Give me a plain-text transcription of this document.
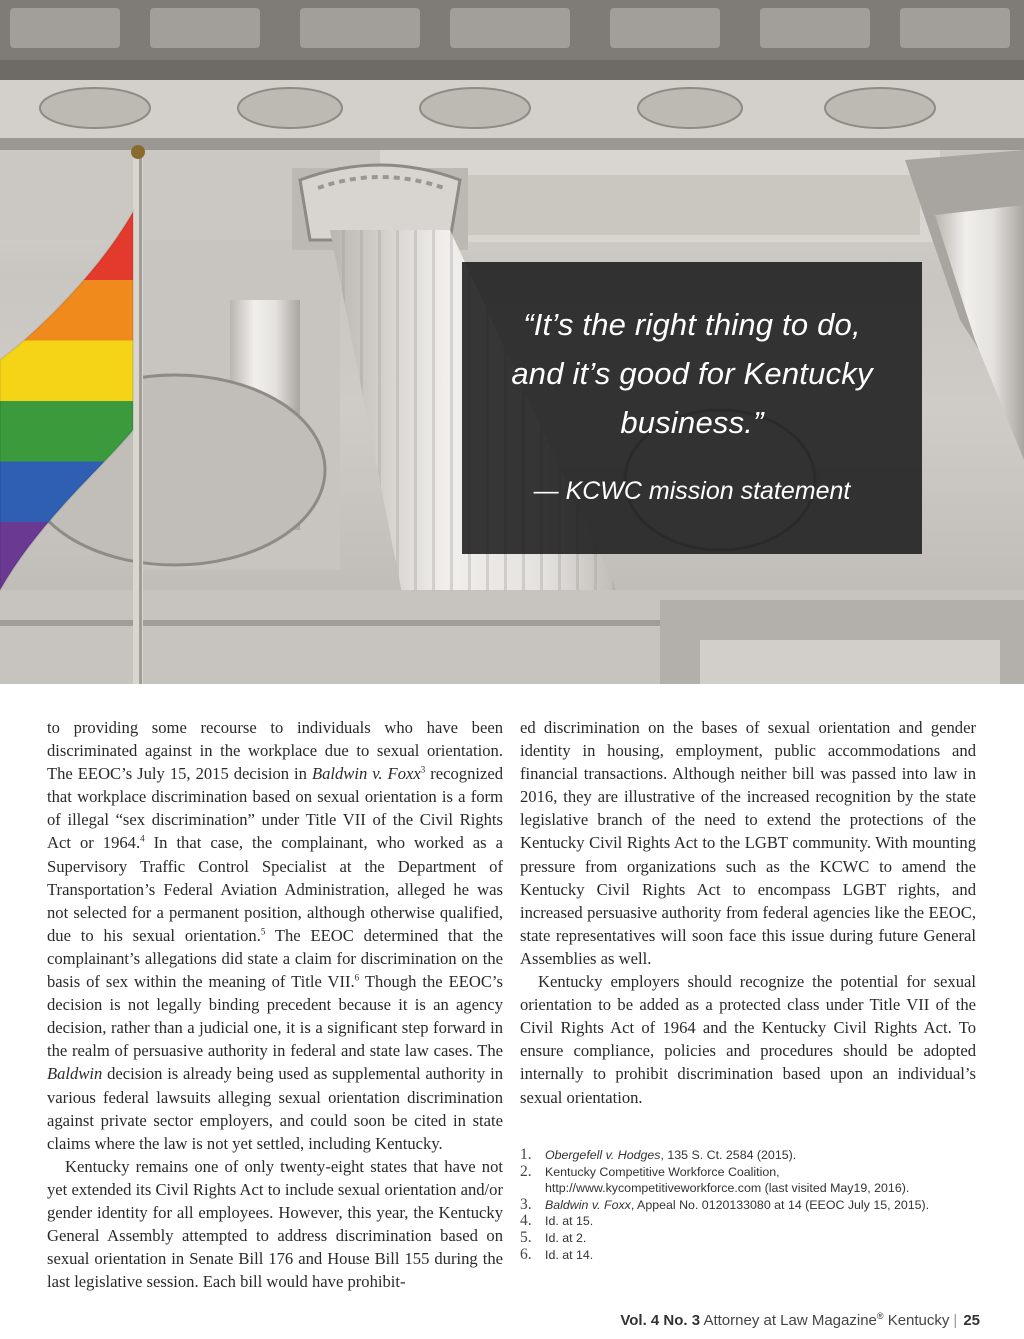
“It’s the right thing to do, and it’s good for Kentucky business.”
— KCWC mission statement

to providing some recourse to individuals who have been discriminated against in the workplace due to sexual orientation. The EEOC’s July 15, 2015 decision in Baldwin v. Foxx$^3$ recognized that workplace discrimination based on sexual orientation is a form of illegal “sex discrimination” under Title VII of the Civil Rights Act or 1964.$^4$ In that case, the complainant, who worked as a Supervisory Traffic Control Specialist at the Department of Transportation’s Federal Aviation Administration, alleged he was not selected for a permanent position, although otherwise qualified, due to his sexual orientation.$^5$ The EEOC determined that the complainant’s allegations did state a claim for discrimination on the basis of sex within the meaning of Title VII.$^6$ Though the EEOC’s decision is not legally binding precedent because it is an agency decision, rather than a judicial one, it is a significant step forward in the realm of persuasive authority in federal and state law cases. The Baldwin decision is already being used as supplemental authority in various federal lawsuits alleging sexual orientation discrimination against private sector employers, and could soon be cited in state claims where the law is not yet settled, including Kentucky.

Kentucky remains one of only twenty-eight states that have not yet extended its Civil Rights Act to include sexual orientation and/or gender identity for all employees. However, this year, the Kentucky General Assembly attempted to address discrimination based on sexual orientation in Senate Bill 176 and House Bill 155 during the last legislative session. Each bill would have prohibit-

ed discrimination on the bases of sexual orientation and gender identity in housing, employment, public accommodations and financial transactions. Although neither bill was passed into law in 2016, they are illustrative of the increased recognition by the state legislative branch of the need to extend the protections of the Kentucky Civil Rights Act to the LGBT community. With mounting pressure from organizations such as the KCWC to amend the Kentucky Civil Rights Act to encompass LGBT rights, and increased persuasive authority from federal agencies like the EEOC, state representatives will soon face this issue during future General Assemblies as well.

Kentucky employers should recognize the potential for sexual orientation to be added as a protected class under Title VII of the Civil Rights Act of 1964 and the Kentucky Civil Rights Act. To ensure compliance, policies and procedures should be adopted internally to prohibit discrimination based upon an individual’s sexual orientation.

1.	Obergefell v. Hodges, 135 S. Ct. 2584 (2015).
2.	Kentucky Competitive Workforce Coalition, http://www.kycompetitiveworkforce.com (last visited May19, 2016).
3.	Baldwin v. Foxx, Appeal No. 0120133080 at 14 (EEOC July 15, 2015).
4.	Id. at 15.
5.	Id. at 2.
6.	Id. at 14.
Vol. 4 No. 3 Attorney at Law Magazine® Kentucky | 25
